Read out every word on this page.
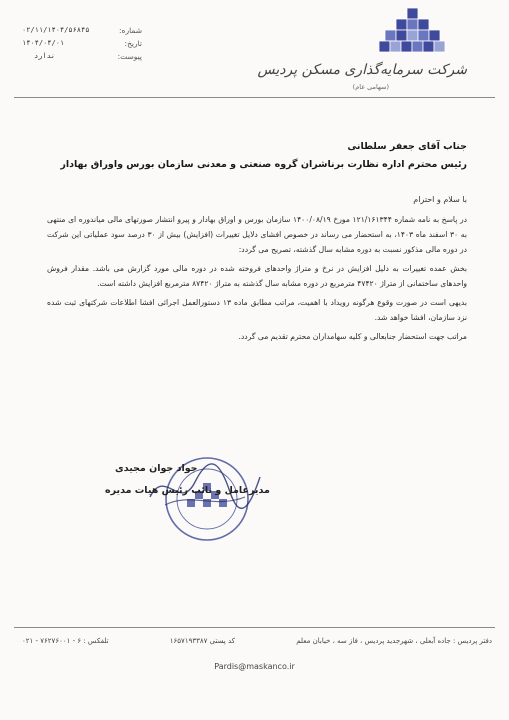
شماره:
۰۲/۱۱/۱۴۰۴/۵۶۸۴۵
تاریخ:
۱۴۰۴/۰۴/۰۱
پیوست:
ندارد
شرکت سرمایه‌گذاری مسکن پردیس
(سهامی عام)
جناب آقای جعفر سلطانی
رئیس محترم اداره نظارت برناشران گروه صنعتی و معدنی سازمان بورس واوراق بهادار
با سلام و احترام

در پاسخ به نامه شماره ۱۲۱/۱۶۱۳۴۴ مورخ ۱۴۰۰/۰۸/۱۹ سازمان بورس و اوراق بهادار و پیرو انتشار صورتهای مالی میاندوره ای منتهی به ۳۰ اسفند ماه ۱۴۰۳، به استحضار می رساند در خصوص افشای دلایل تغییرات (افزایش) بیش از ۳۰ درصد سود عملیاتی این شرکت در دوره مالی مذکور نسبت به دوره مشابه سال گذشته، تصریح می گردد:

بخش عمده تغییرات به دلیل افزایش در نرخ و متراژ واحدهای فروخته شده در دوره مالی مورد گزارش می باشد. مقدار فروش واحدهای ساختمانی از متراژ ۴۷۴۲۰ مترمربع در دوره مشابه سال گذشته به متراژ ۸۷۴۲۰ مترمربع افزایش داشته است.

بدیهی است در صورت وقوع هرگونه رویداد با اهمیت، مراتب مطابق ماده ۱۳ دستورالعمل اجرائی افشا اطلاعات شرکتهای ثبت شده نزد سازمان، افشا خواهد شد.

مراتب جهت استحضار جنابعالی و کلیه سهامداران محترم تقدیم می گردد.

جواد جوان مجیدی
مدیرعامل و نائب رئیس هیات مدیره
دفتر پردیس : جاده آبعلی ، شهرجدید پردیس ، فاز سه ، خیابان معلم
کد پستی ۱۶۵۷۱۹۳۳۸۷
تلفکس : ۶ - ۷۶۲۷۶۰۰۱ - ۰۲۱
Pardis@maskanco.ir
